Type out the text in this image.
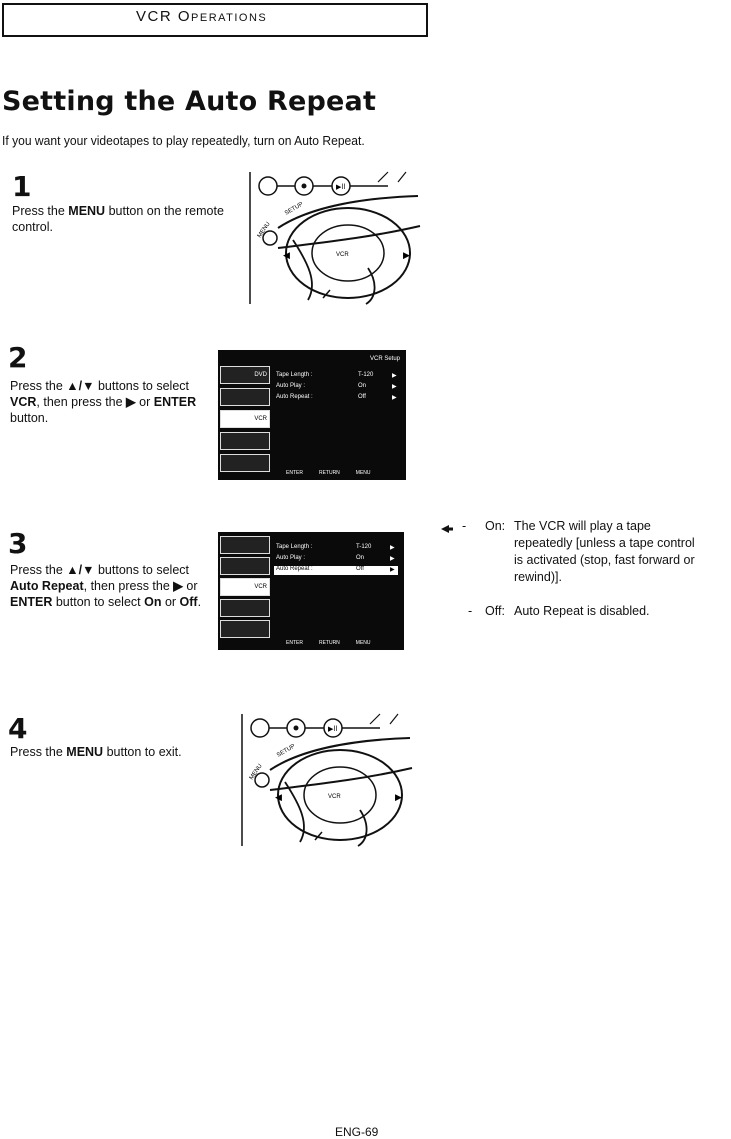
VCR OPERATIONS
Setting the Auto Repeat
If you want your videotapes to play repeatedly, turn on Auto Repeat.
1
Press the MENU button on the remote control.
▶ll
SETUP
MENU
VCR
◀	▶
2
Press the ▲/▼ buttons to select VCR, then press the ▶ or ENTER button.
VCR Setup
DVD
VCR
Tape Length :	T-120	▶
Auto Play :	On	▶
Auto Repeat :	Off	▶
ENTER	RETURN	MENU
3
Press the ▲/▼ buttons to select Auto Repeat, then press the ▶ or ENTER button to select On or Off.
VCR
Tape Length :	T-120	▶
Auto Play :	On	▶
Auto Repeat :	Off	▶
ENTER	RETURN	MENU
- On: The VCR will play a tape
repeatedly [unless a tape control
is activated (stop, fast forward or
rewind)].
- Off: Auto Repeat is disabled.
4
Press the MENU button to exit.
▶ll
SETUP
MENU
VCR
◀	▶
ENG-69
